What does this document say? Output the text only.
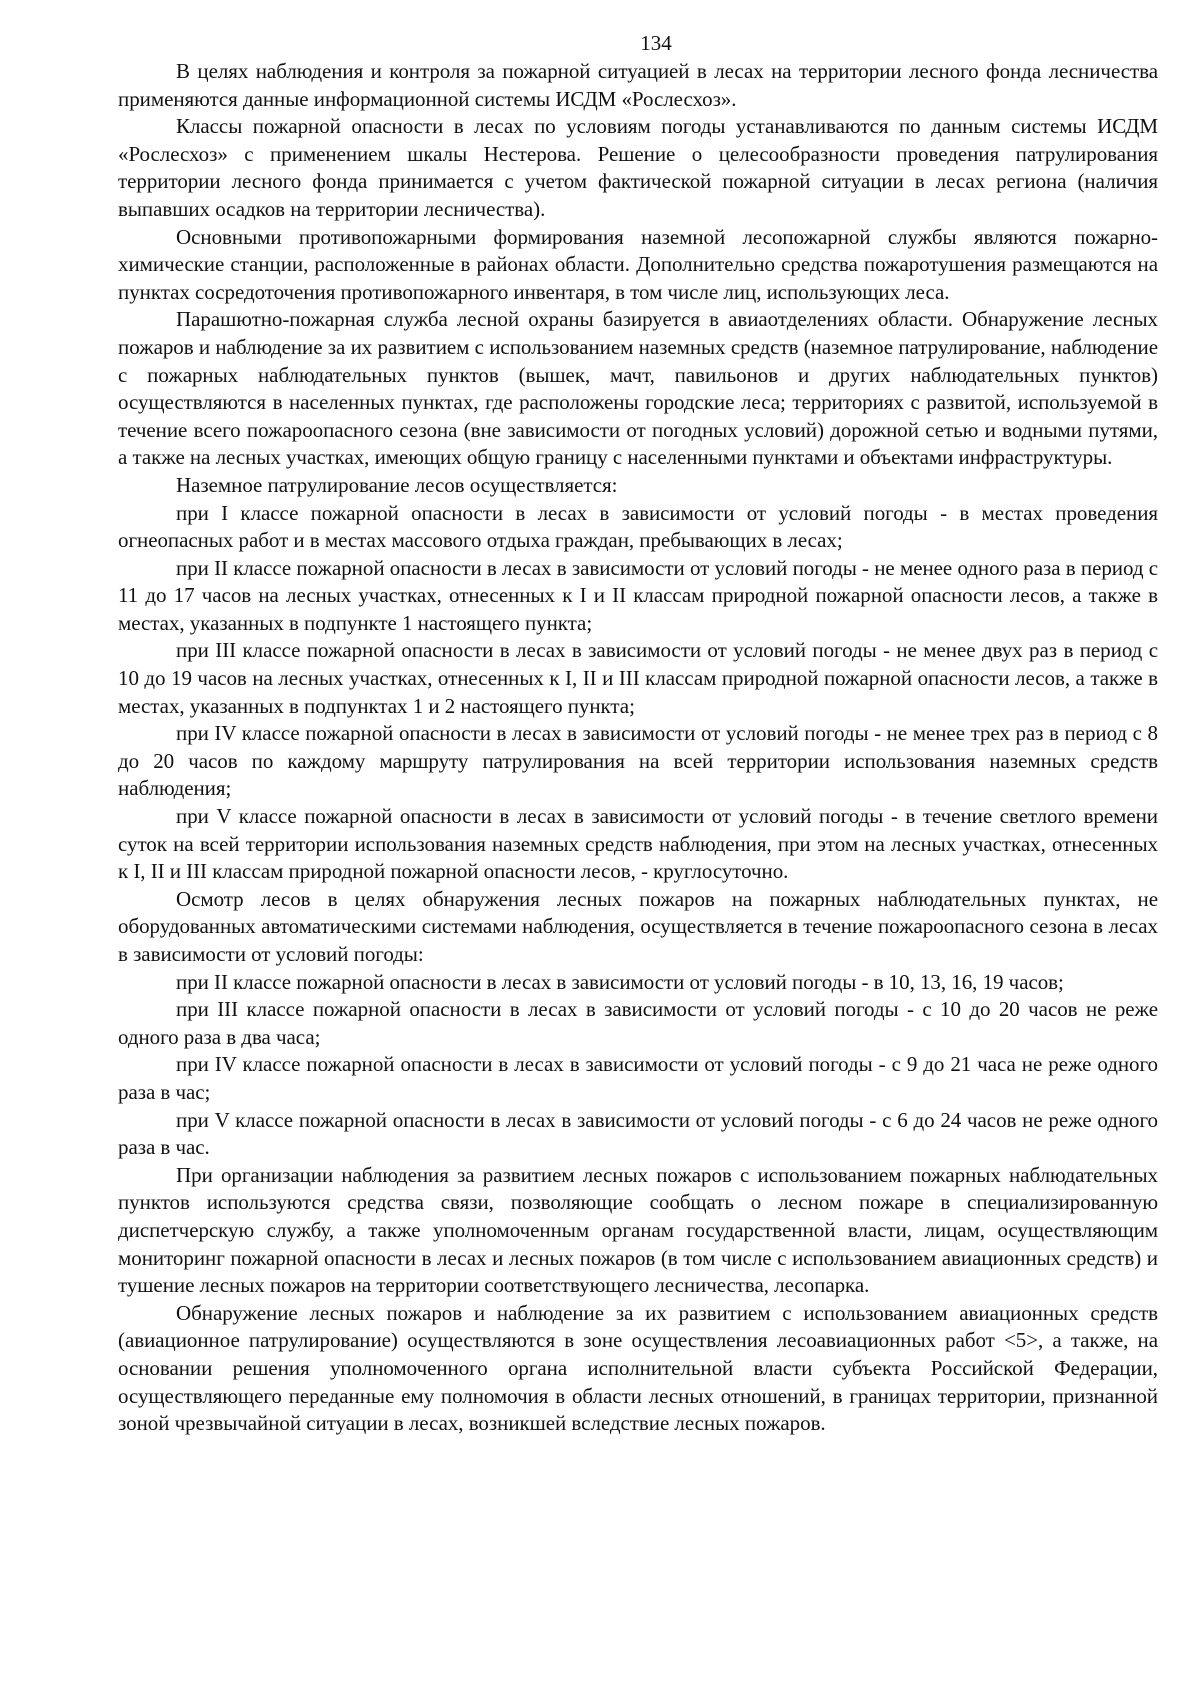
134

В целях наблюдения и контроля за пожарной ситуацией в лесах на территории лесного фонда лесничества применяются данные информационной системы ИСДМ «Рослесхоз».

Классы пожарной опасности в лесах по условиям погоды устанавливаются по данным системы ИСДМ «Рослесхоз» с применением шкалы Нестерова. Решение о целесообразности проведения патрулирования территории лесного фонда принимается с учетом фактической пожарной ситуации в лесах региона (наличия выпавших осадков на территории лесничества).

Основными противопожарными формирования наземной лесопожарной службы являются пожарно-химические станции, расположенные в районах области. Дополнительно средства пожаротушения размещаются на пунктах сосредоточения противопожарного инвентаря, в том числе лиц, использующих леса.

Парашютно-пожарная служба лесной охраны базируется в авиаотделениях области. Обнаружение лесных пожаров и наблюдение за их развитием с использованием наземных средств (наземное патрулирование, наблюдение с пожарных наблюдательных пунктов (вышек, мачт, павильонов и других наблюдательных пунктов) осуществляются в населенных пунктах, где расположены городские леса; территориях с развитой, используемой в течение всего пожароопасного сезона (вне зависимости от погодных условий) дорожной сетью и водными путями, а также на лесных участках, имеющих общую границу с населенными пунктами и объектами инфраструктуры.

Наземное патрулирование лесов осуществляется:

при I классе пожарной опасности в лесах в зависимости от условий погоды - в местах проведения огнеопасных работ и в местах массового отдыха граждан, пребывающих в лесах;

при II классе пожарной опасности в лесах в зависимости от условий погоды - не менее одного раза в период с 11 до 17 часов на лесных участках, отнесенных к I и II классам природной пожарной опасности лесов, а также в местах, указанных в подпункте 1 настоящего пункта;

при III классе пожарной опасности в лесах в зависимости от условий погоды - не менее двух раз в период с 10 до 19 часов на лесных участках, отнесенных к I, II и III классам природной пожарной опасности лесов, а также в местах, указанных в подпунктах 1 и 2 настоящего пункта;

при IV классе пожарной опасности в лесах в зависимости от условий погоды - не менее трех раз в период с 8 до 20 часов по каждому маршруту патрулирования на всей территории использования наземных средств наблюдения;

при V классе пожарной опасности в лесах в зависимости от условий погоды - в течение светлого времени суток на всей территории использования наземных средств наблюдения, при этом на лесных участках, отнесенных к I, II и III классам природной пожарной опасности лесов, - круглосуточно.

Осмотр лесов в целях обнаружения лесных пожаров на пожарных наблюдательных пунктах, не оборудованных автоматическими системами наблюдения, осуществляется в течение пожароопасного сезона в лесах в зависимости от условий погоды:

при II классе пожарной опасности в лесах в зависимости от условий погоды - в 10, 13, 16, 19 часов;

при III классе пожарной опасности в лесах в зависимости от условий погоды - с 10 до 20 часов не реже одного раза в два часа;

при IV классе пожарной опасности в лесах в зависимости от условий погоды - с 9 до 21 часа не реже одного раза в час;

при V классе пожарной опасности в лесах в зависимости от условий погоды - с 6 до 24 часов не реже одного раза в час.

При организации наблюдения за развитием лесных пожаров с использованием пожарных наблюдательных пунктов используются средства связи, позволяющие сообщать о лесном пожаре в специализированную диспетчерскую службу, а также уполномоченным органам государственной власти, лицам, осуществляющим мониторинг пожарной опасности в лесах и лесных пожаров (в том числе с использованием авиационных средств) и тушение лесных пожаров на территории соответствующего лесничества, лесопарка.

Обнаружение лесных пожаров и наблюдение за их развитием с использованием авиационных средств (авиационное патрулирование) осуществляются в зоне осуществления лесоавиационных работ <5>, а также, на основании решения уполномоченного органа исполнительной власти субъекта Российской Федерации, осуществляющего переданные ему полномочия в области лесных отношений, в границах территории, признанной зоной чрезвычайной ситуации в лесах, возникшей вследствие лесных пожаров.
